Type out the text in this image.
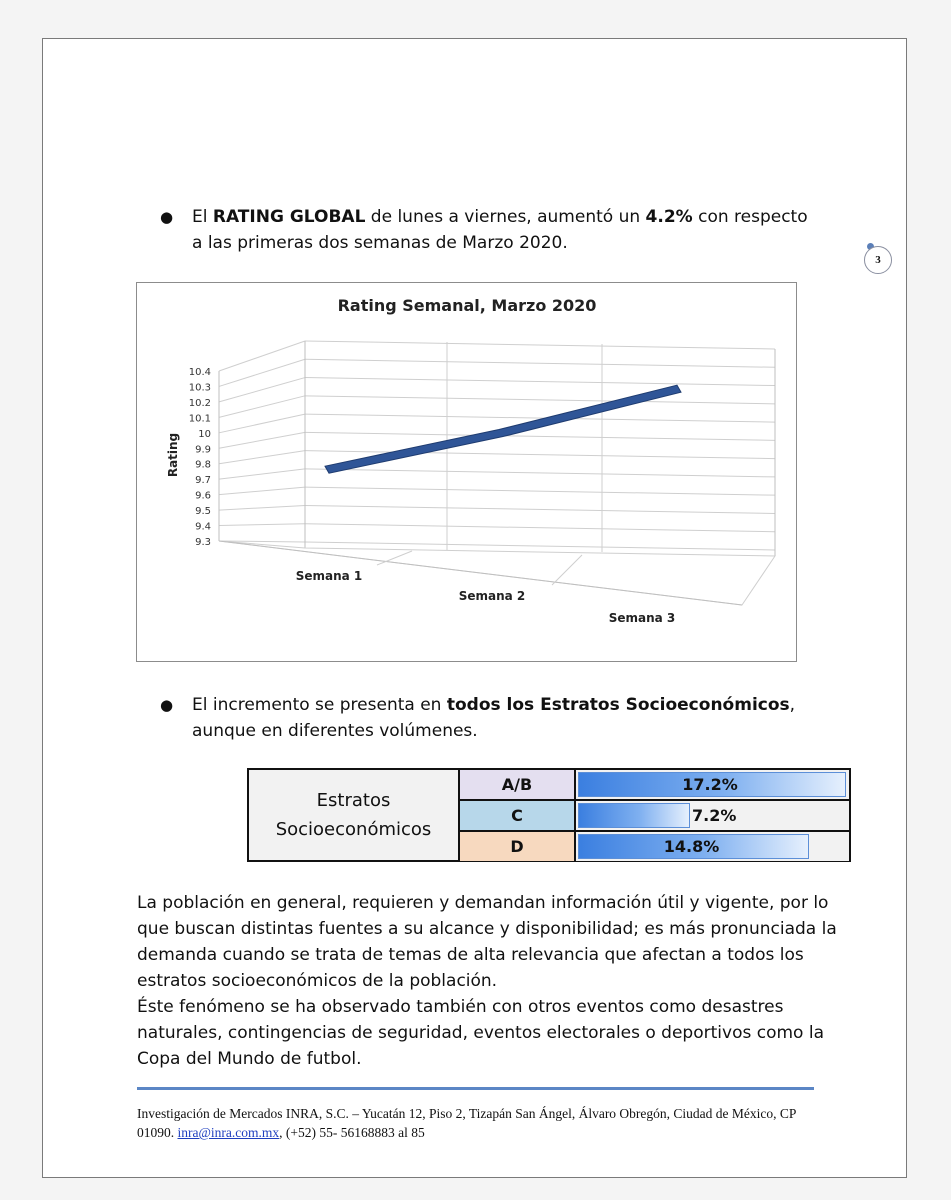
3
● El RATING GLOBAL de lunes a viernes, aumentó un 4.2% con respecto a las primeras dos semanas de Marzo 2020.
10.4
10.3
10.2
10.1
10
9.9
9.8
9.7
9.6
9.5
9.4
9.3
Semana 1
Semana 2
Semana 3
Rating
Rating Semanal, Marzo 2020
● El incremento se presenta en todos los Estratos Socioeconómicos, aunque en diferentes volúmenes.
Estratos
Socioeconómicos
A/B	17.2%
C	7.2%
D	14.8%

La población en general, requieren y demandan información útil y vigente, por lo que buscan distintas fuentes a su alcance y disponibilidad; es más pronunciada la demanda cuando se trata de temas de alta relevancia que afectan a todos los estratos socioeconómicos de la población.

Éste fenómeno se ha observado también con otros eventos como desastres naturales, contingencias de seguridad, eventos electorales o deportivos como la Copa del Mundo de futbol.

Investigación de Mercados INRA, S.C. – Yucatán 12, Piso 2, Tizapán San Ángel, Álvaro Obregón, Ciudad de México, CP 01090. inra@inra.com.mx, (+52) 55- 56168883 al 85
